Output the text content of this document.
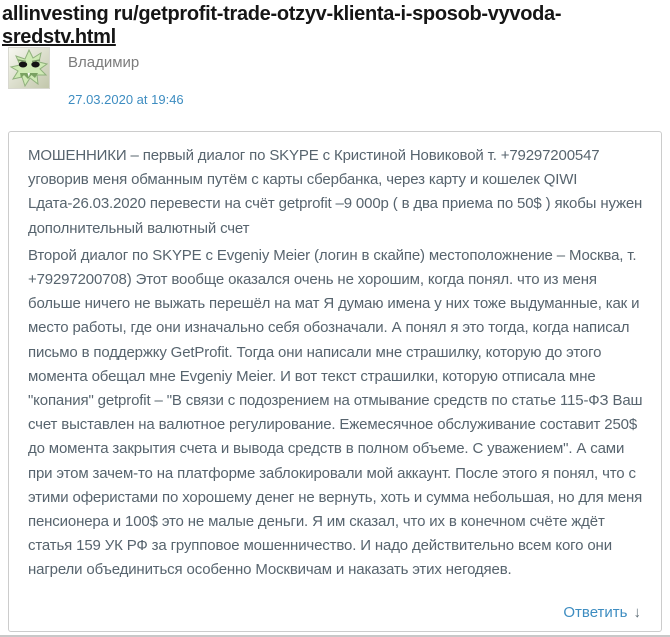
allinvesting ru/getprofit-trade-otzyv-klienta-i-sposob-vyvoda-
sredstv.html
Владимир
27.03.2020 at 19:46

МОШЕННИКИ – первый диалог по SKYPE с Кристиной Новиковой т. +79297200547 уговорив меня обманным путём с карты сбербанка, через карту и кошелек QIWI Lдата-26.03.2020 перевести на счёт getprofit –9 000р ( в два приема по 50$ ) якобы нужен дополнительный валютный счет

Второй диалог по SKYPE с Evgeniy Meier (логин в скайпе) местоположнение – Москва, т. +79297200708) Этот вообще оказался очень не хорошим, когда понял. что из меня больше ничего не выжать перешёл на мат Я думаю имена у них тоже выдуманные, как и место работы, где они изначально себя обозначали. А понял я это тогда, когда написал письмо в поддержку GetProfit. Тогда они написали мне страшилку, которую до этого момента обещал мне Evgeniy Meier. И вот текст страшилки, которую отписала мне "копания" getprofit – "В связи с подозрением на отмывание средств по статье 115-ФЗ Ваш счет выставлен на валютное регулирование. Ежемесячное обслуживание составит 250$ до момента закрытия счета и вывода средств в полном объеме. С уважением". А сами при этом зачем-то на платформе заблокировали мой аккаунт. После этого я понял, что с этими оферистами по хорошему денег не вернуть, хоть и сумма небольшая, но для меня пенсионера и 100$ это не малые деньги. Я им сказал, что их в конечном счёте ждёт статья 159 УК РФ за групповое мошенничество. И надо действительно всем кого они нагрели объединиться особенно Москвичам и наказать этих негодяев.

Ответить ↓
